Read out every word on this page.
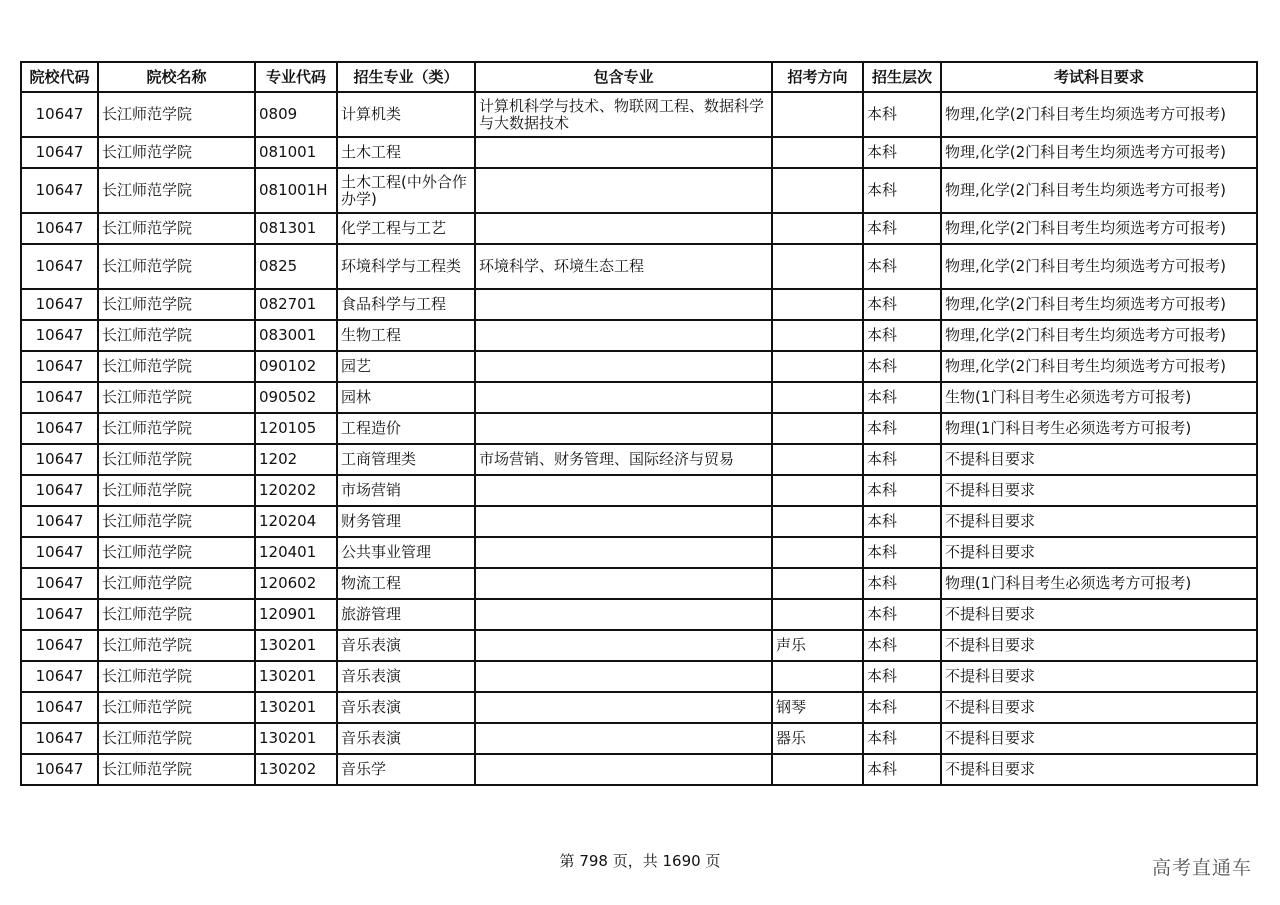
院校代码	院校名称	专业代码	招生专业（类）	包含专业	招考方向	招生层次	考试科目要求
10647	长江师范学院	0809	计算机类	计算机科学与技术、物联网工程、数据科学与大数据技术		本科	物理,化学(2门科目考生均须选考方可报考)
10647	长江师范学院	081001	土木工程			本科	物理,化学(2门科目考生均须选考方可报考)
10647	长江师范学院	081001H	土木工程(中外合作办学)			本科	物理,化学(2门科目考生均须选考方可报考)
10647	长江师范学院	081301	化学工程与工艺			本科	物理,化学(2门科目考生均须选考方可报考)
10647	长江师范学院	0825	环境科学与工程类	环境科学、环境生态工程		本科	物理,化学(2门科目考生均须选考方可报考)
10647	长江师范学院	082701	食品科学与工程			本科	物理,化学(2门科目考生均须选考方可报考)
10647	长江师范学院	083001	生物工程			本科	物理,化学(2门科目考生均须选考方可报考)
10647	长江师范学院	090102	园艺			本科	物理,化学(2门科目考生均须选考方可报考)
10647	长江师范学院	090502	园林			本科	生物(1门科目考生必须选考方可报考)
10647	长江师范学院	120105	工程造价			本科	物理(1门科目考生必须选考方可报考)
10647	长江师范学院	1202	工商管理类	市场营销、财务管理、国际经济与贸易		本科	不提科目要求
10647	长江师范学院	120202	市场营销			本科	不提科目要求
10647	长江师范学院	120204	财务管理			本科	不提科目要求
10647	长江师范学院	120401	公共事业管理			本科	不提科目要求
10647	长江师范学院	120602	物流工程			本科	物理(1门科目考生必须选考方可报考)
10647	长江师范学院	120901	旅游管理			本科	不提科目要求
10647	长江师范学院	130201	音乐表演		声乐	本科	不提科目要求
10647	长江师范学院	130201	音乐表演			本科	不提科目要求
10647	长江师范学院	130201	音乐表演		钢琴	本科	不提科目要求
10647	长江师范学院	130201	音乐表演		器乐	本科	不提科目要求
10647	长江师范学院	130202	音乐学			本科	不提科目要求
第 798 页，共 1690 页	高考直通车
